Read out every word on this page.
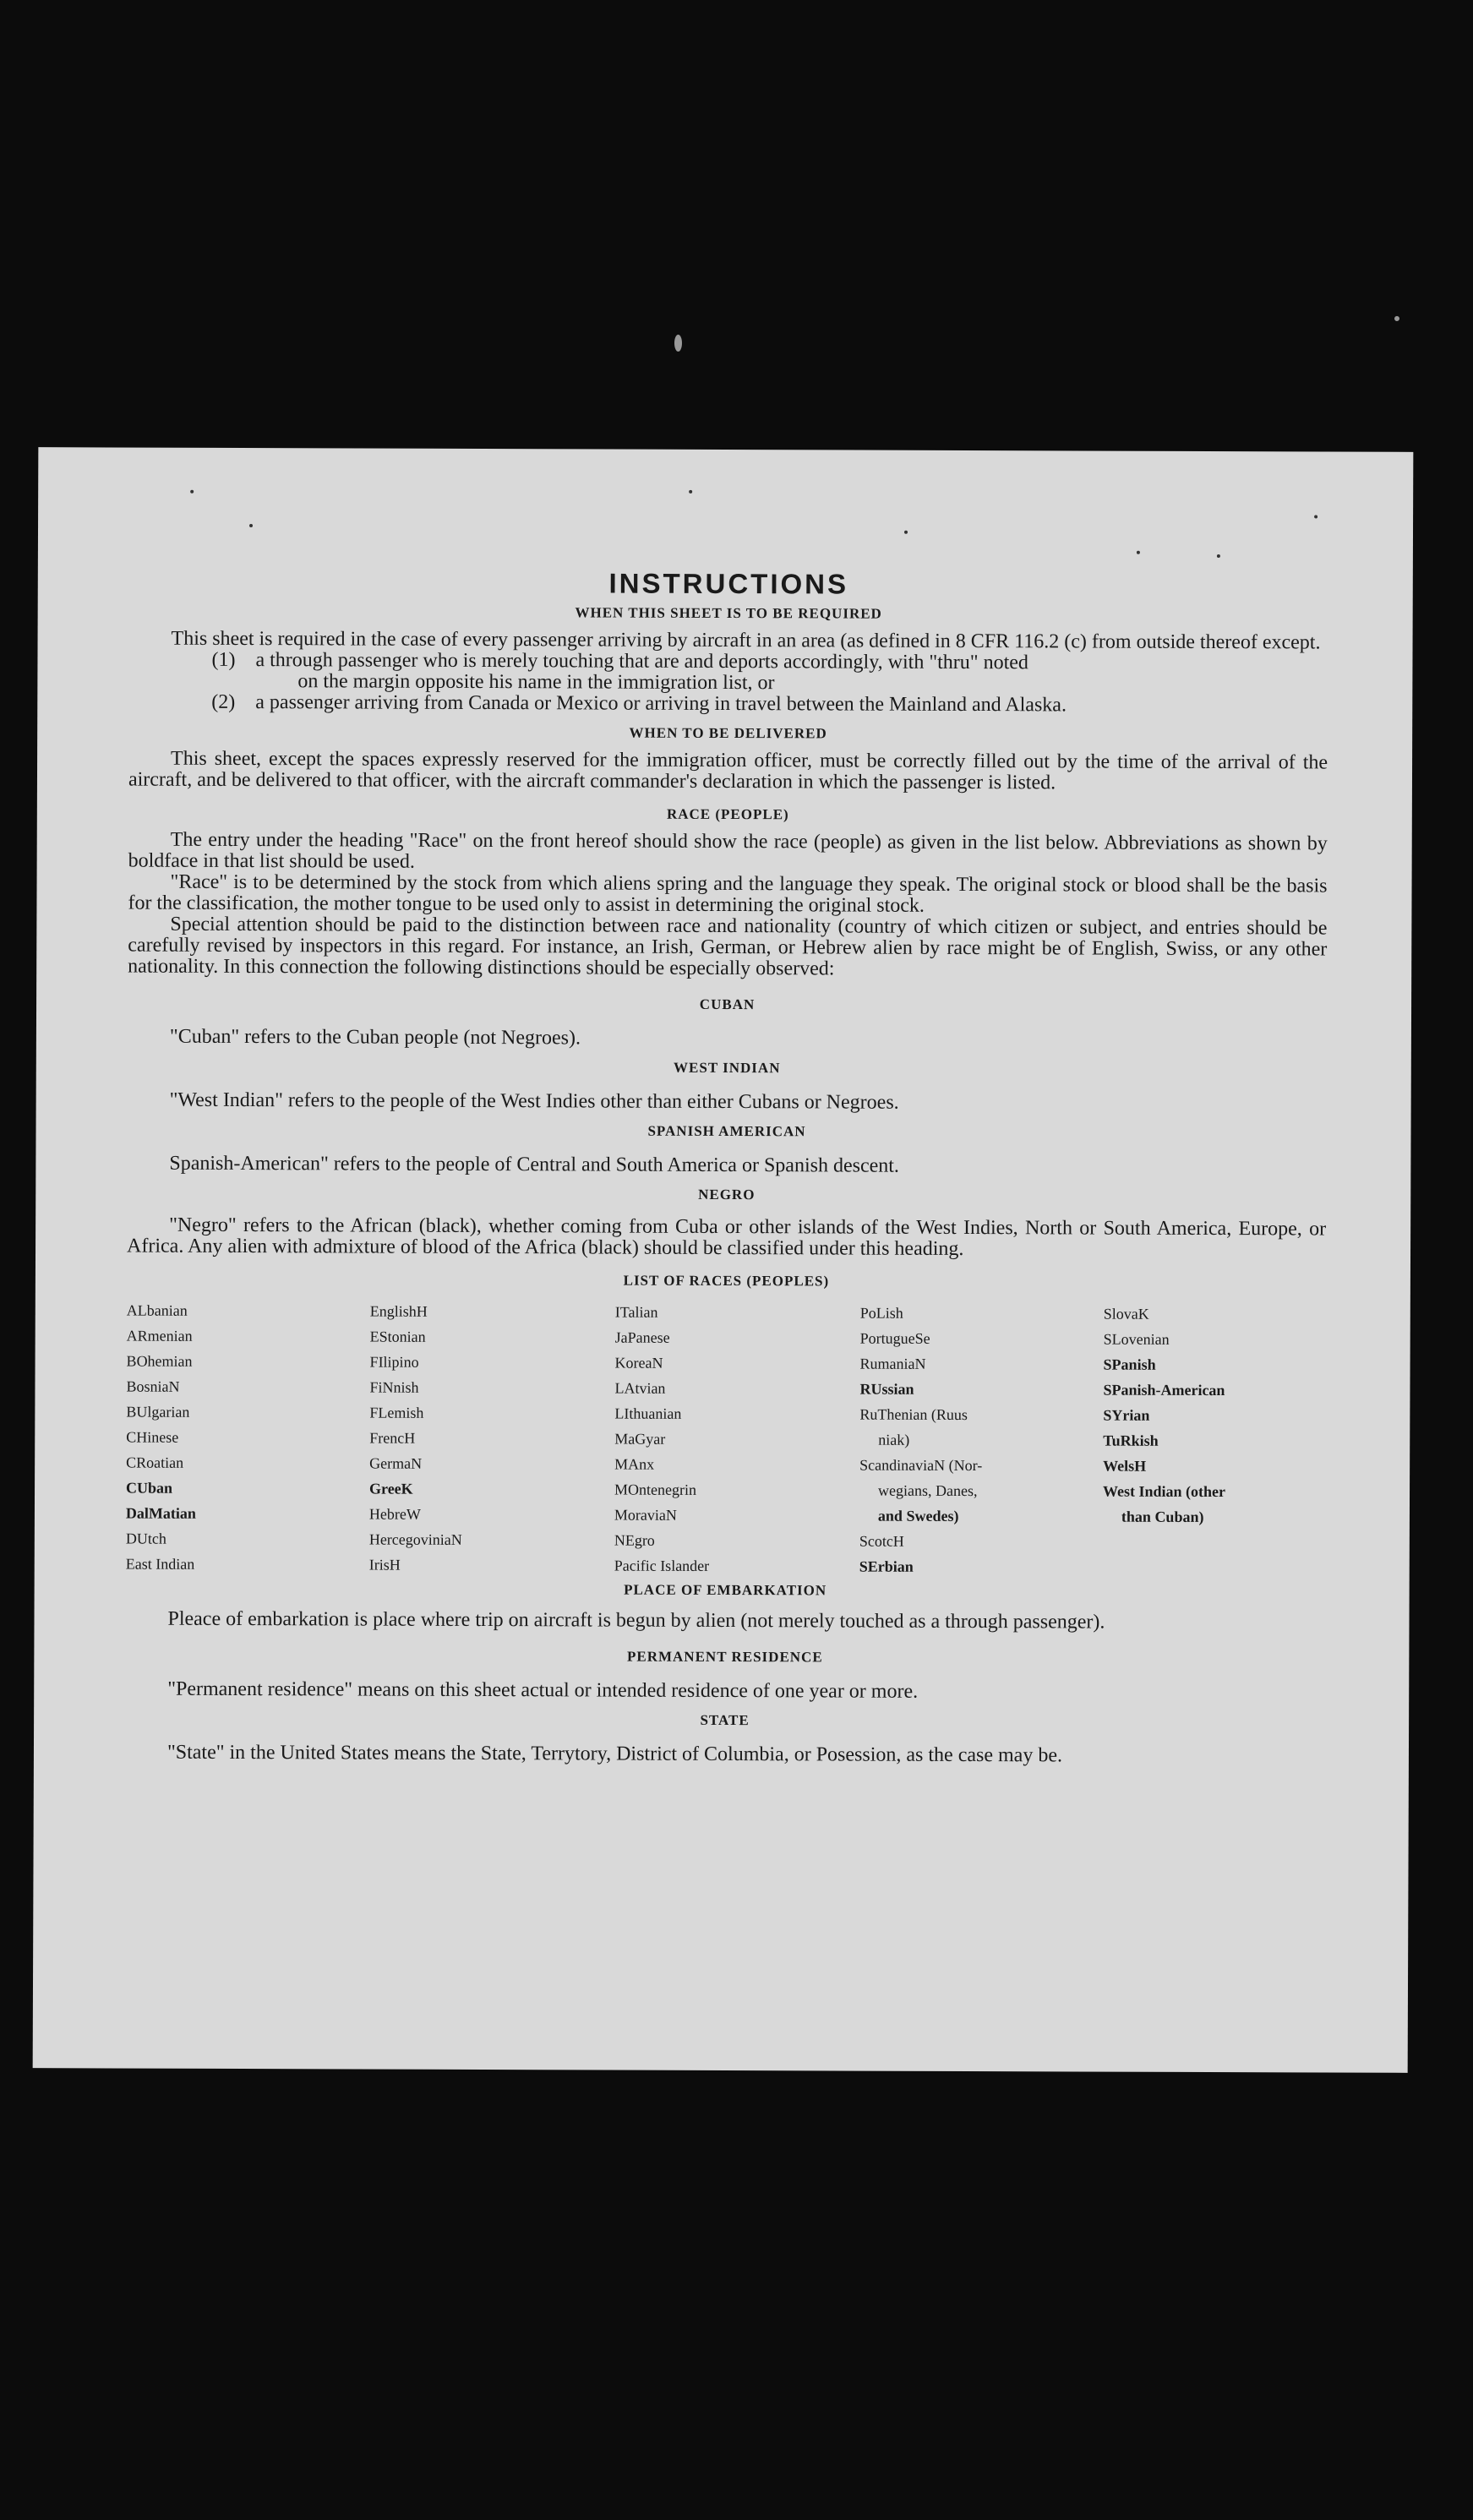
INSTRUCTIONS
WHEN THIS SHEET IS TO BE REQUIRED

This sheet is required in the case of every passenger arriving by aircraft in an area (as defined in 8 CFR 116.2 (c) from outside thereof except.

(1) a through passenger who is merely touching that are and deports accordingly, with "thru" noted
on the margin opposite his name in the immigration list, or
(2) a passenger arriving from Canada or Mexico or arriving in travel between the Mainland and Alaska.
WHEN TO BE DELIVERED

This sheet, except the spaces expressly reserved for the immigration officer, must be correctly filled out by the time of the arrival of the aircraft, and be delivered to that officer, with the aircraft commander's declaration in which the passenger is listed.

RACE (PEOPLE)

The entry under the heading "Race" on the front hereof should show the race (people) as given in the list below. Abbreviations as shown by boldface in that list should be used.

"Race" is to be determined by the stock from which aliens spring and the language they speak. The original stock or blood shall be the basis for the classification, the mother tongue to be used only to assist in determining the original stock.

Special attention should be paid to the distinction between race and nationality (country of which citizen or subject, and entries should be carefully revised by inspectors in this regard. For instance, an Irish, German, or Hebrew alien by race might be of English, Swiss, or any other nationality. In this connection the following distinctions should be especially observed:

CUBAN

"Cuban" refers to the Cuban people (not Negroes).

WEST INDIAN

"West Indian" refers to the people of the West Indies other than either Cubans or Negroes.

SPANISH AMERICAN

Spanish-American" refers to the people of Central and South America or Spanish descent.

NEGRO

"Negro" refers to the African (black), whether coming from Cuba or other islands of the West Indies, North or South America, Europe, or Africa. Any alien with admixture of blood of the Africa (black) should be classified under this heading.

LIST OF RACES (PEOPLES)
ALbanian
ARmenian
BOhemian
BosniaN
BUlgarian
CHinese
CRoatian
CUban
DalMatian
DUtch
East Indian
EnglishH
EStonian
FIlipino
FiNnish
FLemish
FrencH
GermaN
GreeK
HebreW
HercegoviniaN
IrisH
ITalian
JaPanese
KoreaN
LAtvian
LIthuanian
MaGyar
MAnx
MOntenegrin
MoraviaN
NEgro
Pacific Islander
PoLish
PortugueSe
RumaniaN
RUssian
RuThenian (Ruus
niak)
ScandinaviaN (Nor-
wegians, Danes,
and Swedes)
ScotcH
SErbian
SlovaK
SLovenian
SPanish
SPanish-American
SYrian
TuRkish
WelsH
West Indian (other
than Cuban)
PLACE OF EMBARKATION

Pleace of embarkation is place where trip on aircraft is begun by alien (not merely touched as a through passenger).

PERMANENT RESIDENCE

"Permanent residence" means on this sheet actual or intended residence of one year or more.

STATE

"State" in the United States means the State, Terrytory, District of Columbia, or Posession, as the case may be.
